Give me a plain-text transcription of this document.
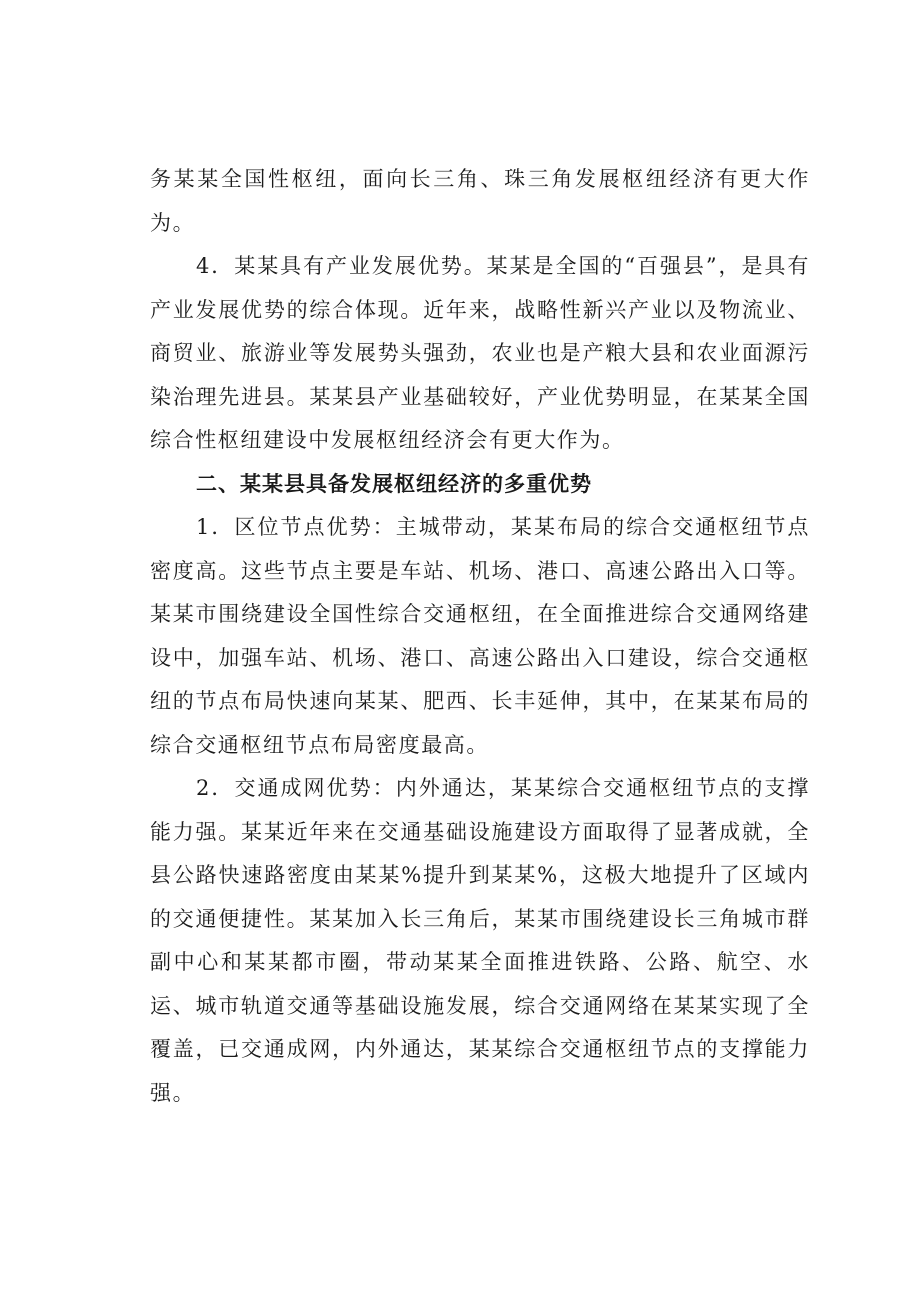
务某某全国性枢纽，面向长三角、珠三角发展枢纽经济有更大作为。

4．某某具有产业发展优势。某某是全国的“百强县”，是具有产业发展优势的综合体现。近年来，战略性新兴产业以及物流业、商贸业、旅游业等发展势头强劲，农业也是产粮大县和农业面源污染治理先进县。某某县产业基础较好，产业优势明显，在某某全国综合性枢纽建设中发展枢纽经济会有更大作为。

二、某某县具备发展枢纽经济的多重优势

1．区位节点优势：主城带动，某某布局的综合交通枢纽节点密度高。这些节点主要是车站、机场、港口、高速公路出入口等。某某市围绕建设全国性综合交通枢纽，在全面推进综合交通网络建设中，加强车站、机场、港口、高速公路出入口建设，综合交通枢纽的节点布局快速向某某、肥西、长丰延伸，其中，在某某布局的综合交通枢纽节点布局密度最高。

2．交通成网优势：内外通达，某某综合交通枢纽节点的支撑能力强。某某近年来在交通基础设施建设方面取得了显著成就，全县公路快速路密度由某某%提升到某某%，这极大地提升了区域内的交通便捷性。某某加入长三角后，某某市围绕建设长三角城市群副中心和某某都市圈，带动某某全面推进铁路、公路、航空、水运、城市轨道交通等基础设施发展，综合交通网络在某某实现了全覆盖，已交通成网，内外通达，某某综合交通枢纽节点的支撑能力强。
